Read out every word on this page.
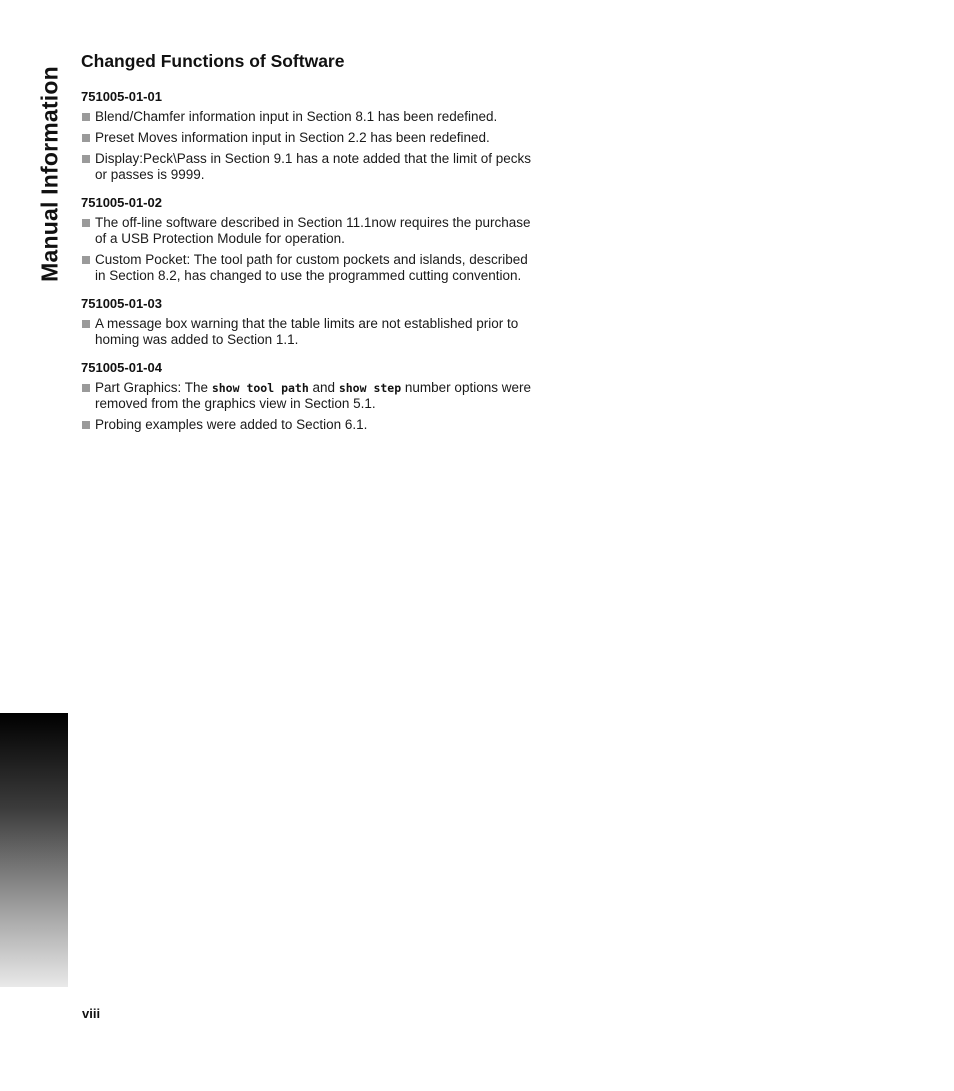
Manual Information
Changed Functions of Software
751005-01-01
Blend/Chamfer information input in Section 8.1 has been redefined.
Preset Moves information input in Section 2.2 has been redefined.
Display:Peck\Pass in Section 9.1 has a note added that the limit of pecks or passes is 9999.
751005-01-02
The off-line software described in Section 11.1now requires the purchase of a USB Protection Module for operation.
Custom Pocket: The tool path for custom pockets and islands, described in Section 8.2, has changed to use the programmed cutting convention.
751005-01-03
A message box warning that the table limits are not established prior to homing was added to Section 1.1.
751005-01-04
Part Graphics: The show tool path and show step number options were removed from the graphics view in Section 5.1.
Probing examples were added to Section 6.1.
viii
